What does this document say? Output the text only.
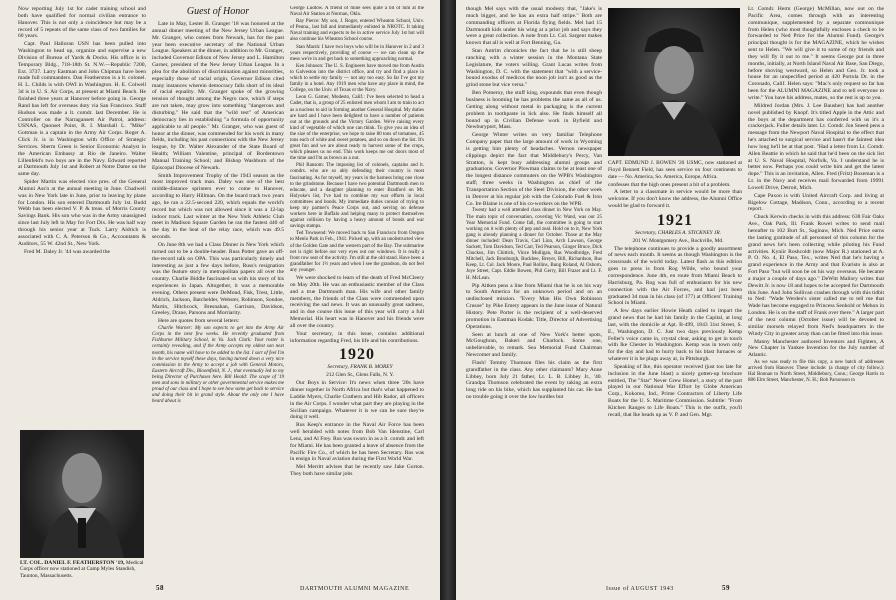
Now reporting July 1st for cadet training school and both have qualified for normal civilian entrance to Hanover. This is not only a coincidence but may be a record of 5 repeats of the same class of two families for 60 years.

Capt. Paul Halloran USN has been pulled into Washington to head up, organize and supervise a new Division of Bureau of Yards & Docks. His office is in Temporary Bldg., 718-18th St. N.W.—Republic 7200, Ext. 3737. Larry Eastman and John Chipman have been made full commanders. Dan Featherston is a lt. colonel. H. L. Childs is with OWI in Washington. H. E. Colwell 3d is in U. S. Air Corps, at present at Miami Beach. He finished three years at Hanover before going in. George Rand has left for overseas duty via San Francisco. Staff Hudson was made a lt. comdr. last December. He is Controller on the Narragansett Air Patrol, address: USNAS, Quonset Point, R. I. Marshall L. "Mike" Gottman is a captain in the Army Air Corps. Roger A. Click Jr. is in Washington with Office of Strategic Services. Sherm Green is Senior Economic Analyst in the American Embassy at Rio de Janeiro. Walter Lillenfeld's two boys are in the Navy. Edward reported at Dartmouth July 1st and Robert at Notre Dame on the same day.

Spider Martin was elected vice pres. of the General Alumni Ass'n at the annual meeting in June. Chadwell was in New York late in June, prior to leaving by plane for London. His son entered Dartmouth July 1st. Budd Webb has been elected V. P. & treas. of Morris County Savings Bank. His son who was in the Army unassigned since last July left in May for Fort Dix. He was half way through his senior year at Tuck. Larry Aldrich is associated with C. A. Peterson & Co., Accountants & Auditors, 55 W. 42nd St., New York.

Fred M. Daley Jr. '44 was awarded the

LT. COL. DANIEL F. FEATHERSTON '19, Medical Corps officer now stationed at Camp Myles Standish, Taunton, Massachusetts.
Guest of Honor

Late in May, Lester B. Granger '18 was honored at the annual dinner meeting of the New Jersey Urban League. Mr. Granger, who comes from Newark, has for the past year been executive secretary of the National Urban League. Speakers at the dinner, in addition to Mr. Granger, included Governor Edison of New Jersey and L. Hamilton Garner, president of the New Jersey Urban League. In a plea for the abolition of discrimination against minorities, especially those of racial origin, Governor Edison cited many instances wherein democracy falls short of its ideal of racial equality. Mr. Granger spoke of the growing tension of thought among the Negro race, which if steps are not taken, may grow into something "dangerous and disturbing." He said that the "wild test" of American democracy lies in establishing "a formula of opportunity applicable to all people." Mr. Granger, who was guest of honor at the dinner, was commended for his work in many fields, including his past connections with the New Jersey league, by Dr. Walter Alexander of the State Board of Health; William Valentine, principal of Bordentown Manual Training School; and Bishop Washburn of the Episcopal Diocese of Newark.

Smith Improvement Trophy of the 1943 season as the most improved track man. Daley was one of the best middle-distance sprinters ever to come to Hanover, according to Harry Hillman. On the board track two years ago, he ran a 22.5-second 220, which equals the world's record but which was not allowed since it was a 12-lap indoor track. Last winter at the New York Athletic Club meet in Madison Square Garden he ran the fastest 440 of the day in the heat of the relay race, which was 49.5 seconds.

On June 8th we had a Class Dinner in New York which turned out to be a double-header. Russ Potter gave an off-the-record talk on OPA. This was particularly timely and interesting as just a few days before, Russ's resignation was the feature story in metropolitan papers all over the country. Charlie Biddle fascinated us with his story of his experiences in Japan. Altogether, it was a memorable evening. Others present were DeMond, Fisk, Trest, Little, Aldrich, Jackson, Batchelder, Webster, Robinson, Sondoe, Martin, Hitchcock, Bresnahan, Garrison, Davidson, Greeley, Drane, Parsons and Morriarity.

Here are quotes from several letters:

Charlie Warner: My son expects to get into the Army Air Corps in the next few weeks. He recently graduated from Fishburne Military School, in Va. Jack Clark: Your roster is certainly revealing, and if the Army accepts my oldest son next month, his name will have to be added to the list. I sort of feel I'm in the service myself these days, having turned down a very nice commission in the Army to accept a job with General Motors, Eastern Aircraft Div., Bloomfield, N. J., that eventually led to my being Director of Purchases here. Bill Heald: The scope of '19 men and sons in military or other governmental service makes me proud of our class and I hope to see how some get back to service and doing their bit in grand style. About the only one I have heard about is

George Ludlow. A friend of mine sees quite a bit of him at the Naval Air Station at Norman, Okla.

Ray Pierce: My son, J. Roger, entered Wheaton School, Univ. of Penna., last fall and immediately enlisted in NROTC. It taking Naval training and expects to be in active service July 1st but will also continue his Wheaton School course.

Stan Marsh: I have two boys who will be in Hanover in 2 and 3 years respectively, providing of course — we can clean up the mess we're in and get back to something approaching normal.

Ken Johnson: The U. S. Engineers have moved me from Austin to Galveston into the district office, and try and find a place in which to settle my family — not any too easy. So far I've got my family in a hotel. Any 1919 men who have any place in mind, the College, on the Univ. of Texas or the Navy.

Leon G. Garner, Modesto, Calif.: I've been selected to head a Cadet, that is, a group of 25 enlisted men whom I am to train to act as a nucleus to aid in forming another General Hospital. My duties are hard and I have been delighted to have a number of patients out at the grounds and the Victory Garden. We're raising every kind of vegetable of which one can think. To give you an idea of the size of the enterprise, we hope to raise 80 tons of tomatoes, 45 tons each of white and sweet potatoes, and so on down the list. It's great fun and we are about ready to harvest some of the crops, which pleases us no end. This work keeps me out doors most of the time and I'm as brown as a nut.

Phil Ransom: The imposing list of colonels, captains and lt. comdrs. who are so ably defending their country is most fascinating. As for myself, my years in the harness bring one close to the grindstone. Because I have two potential Dartmouth men to educate, and a daughter planning to enter Bradford on Mt. Holyoke's list, I've had to combine my war efforts in local committees and bonds. My immediate duties consist of trying to keep my partner's Peace Corps out, and serving on defense workers here in Buffalo and helping many to protect themselves against collision by having a heavy amount of bonds and war savings stamps.

Ted Townsend: We moved back to San Francisco from Oregon to Menlo Park in Feb., 1941. Picked up, with an unobstructed view of the Golden Gate and the western part of the Bay. The submarine net is right before our very eyes out our windows. It is really a front row seat of the activity. I'm still at the old stand. Have been a grandfather for 1½ years and when I see the grandson, do not feel any younger.

We were shocked to learn of the death of Fred McCleery on May 20th. He was an enthusiastic member of the Class and a true Dartmouth man. His wife and other family members, the friends of the Class were commended upon receiving the sad news. It was an unusually great sadness, and in due course this issue of this year will carry a full Memorial. His heart was in Hanover and his friends were all over the country.

Your secretary, in this issue, contains additional information regarding Fred, his life and his contributions.

1920

Secretary, FRANK B. MOREY

212 Glen St., Glens Falls, N. Y.

Our Boys in Service: It's news when three '20s have dinner together in North Africa but that's what happened to Laddie Myers, Charlie Crathern and Hib Rador, all officers in the Air Corps. I wonder what part they are playing in the Sicilian campaign. Whatever it is we can be sure they're doing it well.

Rus Keep's entrance in the Naval Air Force has been well heralded with notes from Bob Van Idenstine, Carl Lenz, and Al Frey. Rus was sworn in as a lt. comdr. and left for Miami. He has been granted a leave of absence from the Pacific Fire Co., of which he has been Secretary. Rus was in ensign in Naval aviation during the First World War.

Mel Merritt advises that he recently saw Jake Gorton. They both have similar jobs

58	DARTMOUTH ALUMNI MAGAZINE

though Mel says with the usual modesty that, "Jake's is much bigger, and he has an extra half stripe." Both are commanding officers at Florida flying fields. Mel had 15 Dartmouth kids under his wing at a prior job and says they were a great collection. A note from Lt. Col. Sargent makes known that all is well at Fort Benning, Ga.

Stan Antrim chronicles the fact that he is still sheep ranching with a winter session in the Montana State Legislature, the voters willing. Grant Lucas writes from Washington, D. C. with the statement that "with a service-bound exodus of medicos the noon job isn't as good as the grind stone but vice versa."

Ben Pomeroy, the stuff king, expounds that even though business is booming he has problems the same as all of us. Getting along without metal in packaging is the current problem in toothpaste in lick also. He finds himself all bound up in Civilian Defense work in Byfield and Newburyport, Mass.

George Winter writes on very familiar Telephone Company paper that the large amount of work in Wyoming is getting him plenty of headaches. Vernon newspaper clippings depict the fact that Middlebury's Percy, Van Stratton, is kept busy addressing alumni groups and graduations. Governor Plowman claims to be at least one of the longest distance commuters on the WPB's Washington staff; three weeks in Washington as chief of the Transportation Section of the Steel Division, the other week in Denver at his regular job with the Colorado Fuel & Iron Co. Ire Blaine is one of his co-workers on the WPB.

Twenty had a well attended class dinner in New York on May. The main topic of conversation, covering Vic Wand, was our 25 Year Memorial Fund. Come fall, the committee is going to start working on it with plenty of pep and zeal. Hold on to it, New York gang is already planning a dinner for October. Those at the May dinner included: Dean Travis, Carl Linn, Arch Lawson, George Sackett, Tom Davidson, Ted Carr, Ted Pearson, Ginger Bruce, Dick Chuckus, Jim Chittick, Vince Mulligan, Ras Woodbridge, Fred Mitchell, Jack Bronburgh, Buckbee, Breyer, Bill, Richardson, Rus Keep, Lt. Col. Jack Moore, Paul Rollins, Bung Roland, Al Osborn, Joye Street, Capt. Eddie Bowen, Phil Gerry, Bill Frazer and Lt. F. H. McLean.

Pip Aitken pens a line from Miami that he is on his way to South America for an unknown period and on an undisclosed mission. "Every Man His Own Robinson Crusoe" by Pike Emery appears in the June issue of Natural History. Pete Porter is the recipient of a well-deserved promotion in Eastman Kodak: Title, Director of Advertising Operations.

Seen at lunch at one of New York's better spots, McGoughran, Bakeri and Charlock. Some one, unbelievable, to remark. Sea Memorial Fund Chairman Newcomer and family.

Flash! Tommy Thomson files his claim as the first grandfather in the class. Any other claimants? Mary Anne Libbey, born July 21 father, Lt. L. B. Libbey Jr., '40. Grandpa Thomson celebrated the event by taking an extra long ride on his bike, which has supplanted his car. He has no trouble going it over the low hurdles but

CAPT. EDMUND J. BOWEN '20 USMC, now stationed at Floyd Bennett Field, has seen service on four continents to date — No. America, So. America, Europe, Africa.

confesses that the high ones present a bit of a problem.

A letter to a classmate in service would be more than welcome. If you don't know the address, the Alumni Office would be glad to forward it.

1921

Secretary, CHARLES A. STICKNEY JR.

201 W. Montgomery Ave., Rockville, Md.

The telephone continues to provide a goodly assortment of news each month. It seems as though Washington is the crossroads of the world today. Latest flash as this edition goes to press is from Rog Wilde, who bound your correspondence. June 4th, en route from Miami Beach to Harrisburg, Pa. Rog was full of enthusiasm for his new connection with the Air Forces, and had just been graduated 3d man in his class (of 177) at Officers' Training School in Miami.

A few days earlier Howie Heath called to impart the grand news that he had his family in the Capital, at long last, with the domicile at Apt. B-499, 1843 31st Street, S. E., Washington, D. C. Just two days previously Kemp Feller's voice came in, crystal clear, asking to get in touch with Ike Chester in Washington. Kemp was in town only for the day and had to hurry back to his blast furnaces or whatever it is he plugs away at, in Pittsburgh.

Speaking of Ike, this operator received (just too late for inclusion in the June blast) a nicely gotten-up brochure entitled, The "Star" Never Grew Home!, a story of the part played in our National War Effort by Globe American Corp., Kokomo, Ind., Prime Contractors of Liberty Life Boats for the U. S. Maritime Commission. Subtitle: "From Kitchen Ranges to Life Boats." This is the outfit, you'll recall, that Ike heads up as V. P. and Gen. Mgr.

Lt. Comdr. Herm (George) McMillan, now out on the Pacific Area, comes through with an interesting communique, supplemented by a separate communique from Helen (who most thoughtfully encloses a check to be forwarded to Ned Price for the Alumni Fund). George's principal thought is for the MAGAZINE, which he wishes sent to Helen. "We will give it to some of my friends and they will fly it out to me." It seems George put in three months, initially, at North Island Naval Air Base, San Diego, before shoving westward, so Helen and Geo. Jr. took a house for an unspecified period at 420 Portola Dr. in the Coronado, Calif. Helen says: "Mac's only request so far has been for the ALUMNI MAGAZINE and to tell everyone to write." You have his address, mates, so the rest is up to you.

Mildred Jordan (Mrs. J. Lee Bausher) has had another novel published by Knopf. It's titled Apple in the Attic and the boys at the department has conferred with us it's a crackerjack. Fuller details later. Lt. Comdr. Jon Sneed pens a message from the Newport Naval Hospital to the effect that he's attached to surgical service and hasn't the faintest idea how long he'll be at that post. "Had a letter from Lt. Comdr. Allen Beattie in which he said that he'd been on the sick list at U. S. Naval Hospital, Norfolk, Va. I understand he is better now. Perhaps you could write him and get the latest dope." This is an invitation, Allen. Fred (Fritz) Bozeman is a Lt. in the Navy and receives mail forwarded from 19991 Lowell Drive, Detroit, Mich.

Cape Paxon is with United Aircraft Corp. and living at Bigelow Cottage, Madison, Conn., according to a recent report.

Chuck Kerwin checks in with this address: 638 Fair Oaks Ave., Oak Park, Ill. Frank Rowel writes to send mail hereafter to 102 Burt St., Saginaw, Mich. Ned Price earns the lasting gratitude of all personnel of this column for the grand news he's been collecting while piloting his Fund activities. Kyniir Roshcoldt (now Major R.) stationed at A. P. O. No. 4, El Paso, Tex., writes Ned that he's having a grand experience in the Army and that Evaristo is also at Fort Paso "but will soon be on his way overseas. He became a major a couple of days ago." DeWitt Mallory writes that Dewitt Jr. is now 18 and hopes to be accepted for Dartmouth this June. And John Sullivan crashes through with this tidbit to Ned: "Wade Werden's sister called me to tell me that Wade has become engaged to Princess Senhold or Mehon in London. He is on the staff of Frank over there." A larger part of the next column (October issue) will be devoted to similar morsels relayed from Ned's headquarters in the Windy City in greater array than can be fitted into this issue.

Manny Manchester authored Inventors and Fighters, A New Chapter in Yankee Invention for the July number of Atlantic.

As we was ready to file this copy, a new batch of addresses arrived from Hanover. These include: (a change of city follow.): Hal Bonnan to North Street, Middlebury, Conn.; George Harris to 886 Elm Street, Manchester, N. H.; Bob Parsonson to

Issue of AUGUST 1943	59
